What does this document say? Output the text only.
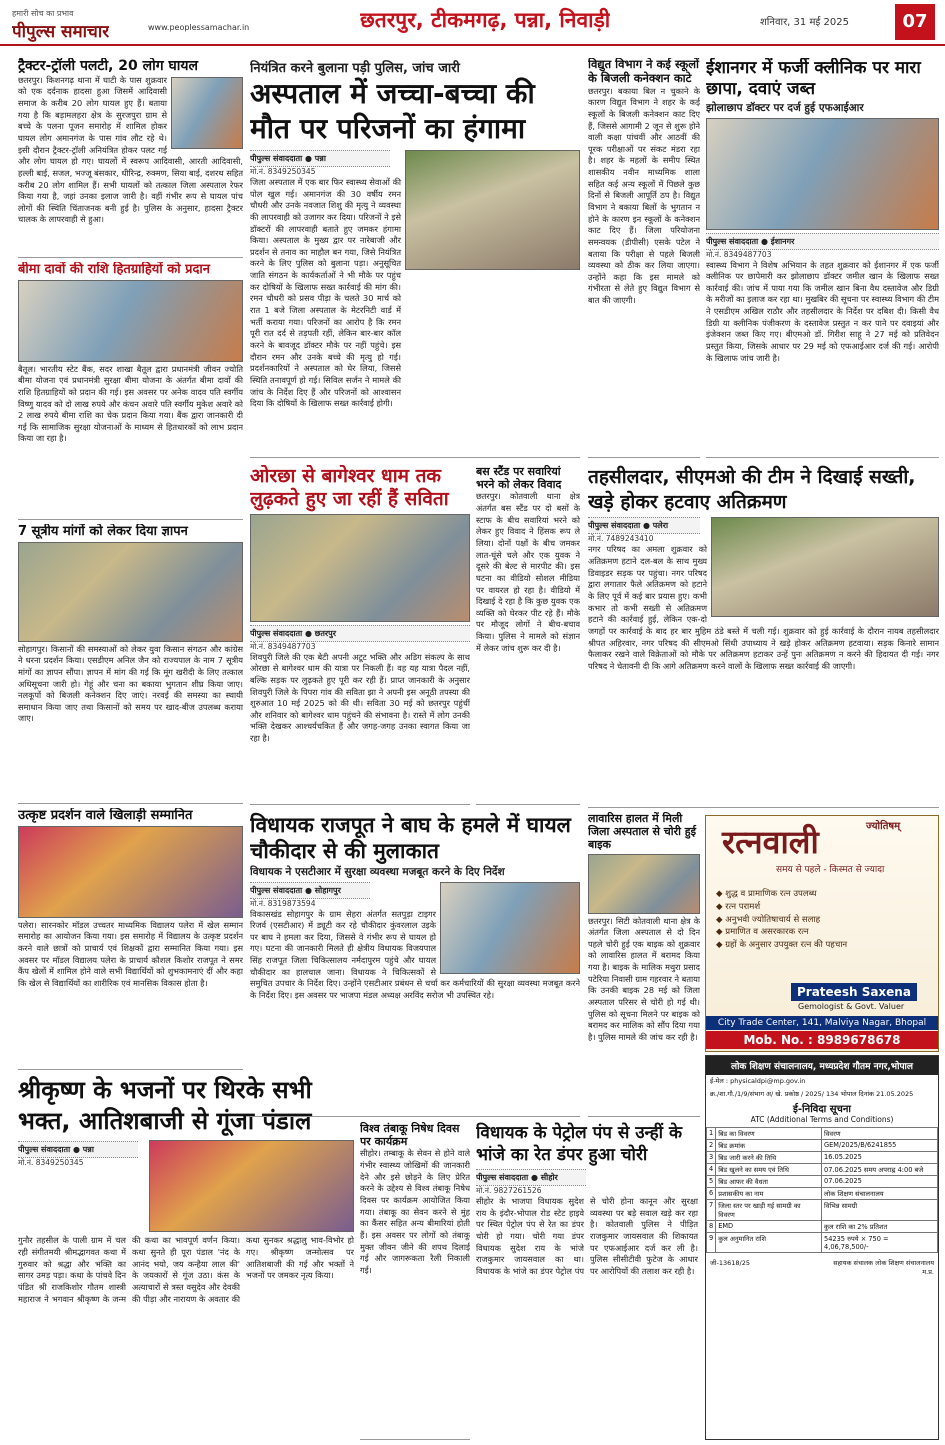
हमारी सोच का प्रभाव
पीपुल्स समाचार	www.peoplessamachar.in	छतरपुर, टीकमगढ़, पन्ना, निवाड़ी	शनिवार, 31 मई 2025	07
ट्रैक्टर-ट्रॉली पलटी, 20 लोग घायल
छतरपुर। किशनगढ़ थाना में घाटी के पास शुक्रवार को एक दर्दनाक हादसा हुआ जिसमें आदिवासी समाज के करीब 20 लोग घायल हुए हैं। बताया गया है कि बड़ामलहरा क्षेत्र के सुरजपुरा ग्राम से बच्चे के पलना पूजन समारोह में शामिल होकर घायल लोग अमानगंज के पास गांव लौट रहे थे। इसी दौरान ट्रैक्टर-ट्रॉली अनियंत्रित होकर पलट गई और लोग घायल हो गए। घायलों में स्वरूप आदिवासी, आरती आदिवासी, हल्ली बाई, सजल, भज्जू बंसकार, धीरिन्द्र, रुक्मण, सिया बाई, दशरथ सहित करीब 20 लोग शामिल हैं। सभी घायलों को तत्काल जिला अस्पताल रेफर किया गया है, जहां उनका इलाज जारी है। वहीं गंभीर रूप से घायल पांच लोगों की स्थिति चिंताजनक बनी हुई है। पुलिस के अनुसार, हादसा ट्रैक्टर चालक के लापरवाही से हुआ।
बीमा दावों की राशि हितग्राहियों को प्रदान
बैतूल। भारतीय स्टेट बैंक, सदर शाखा बैतूल द्वारा प्रधानमंत्री जीवन ज्योति बीमा योजना एवं प्रधानमंत्री सुरक्षा बीमा योजना के अंतर्गत बीमा दावों की राशि हितग्राहियों को प्रदान की गई। इस अवसर पर अनेक वादव पति स्वर्गीय विष्णु यादव को दो लाख रुपये और कंचन अवारे पति स्वर्गीय मुकेश अवारे को 2 लाख रुपये बीमा राशि का चेक प्रदान किया गया। बैंक द्वारा जानकारी दी गई कि सामाजिक सुरक्षा योजनाओं के माध्यम से हितधारकों को लाभ प्रदान किया जा रहा है।
7 सूत्रीय मांगों को लेकर दिया ज्ञापन
सोहागपुर। किसानों की समस्याओं को लेकर युवा किसान संगठन और कांग्रेस ने धरना प्रदर्शन किया। एसडीएम अनिल जैन को राज्यपाल के नाम 7 सूत्रीय मांगों का ज्ञापन सौंपा। ज्ञापन में मांग की गई कि मूंग खरीदी के लिए तत्काल अधिसूचना जारी हो। गेहूं और चना का बकाया भुगतान शीघ्र किया जाए। नलकूपों को बिजली कनेक्शन दिए जाएं। नरवई की समस्या का स्थायी समाधान किया जाए तथा किसानों को समय पर खाद-बीज उपलब्ध कराया जाए।
उत्कृष्ट प्रदर्शन वाले खिलाड़ी सम्मानित
पलेरा। सारनकोर मॉडल उच्चतर माध्यमिक विद्यालय पलेरा में खेल सम्मान समारोह का आयोजन किया गया। इस समारोह में विद्यालय के उत्कृष्ट प्रदर्शन करने वाले छात्रों को प्राचार्य एवं शिक्षकों द्वारा सम्मानित किया गया। इस अवसर पर मॉडल विद्यालय पलेरा के प्राचार्य कौशल किशोर राजपूत ने समर कैंप खेलों में शामिल होने वाले सभी विद्यार्थियों को शुभकामनाएं दीं और कहा कि खेल से विद्यार्थियों का शारीरिक एवं मानसिक विकास होता है।
श्रीकृष्ण के भजनों पर थिरके सभी भक्त, आतिशबाजी से गूंजा पंडाल
पीपुल्स संवाददाता ● पन्ना
मो.नं. 8349250345
गुनौर तहसील के पाली ग्राम में चल रही संगीतमयी श्रीमद्भागवत कथा में गुरुवार को श्रद्धा और भक्ति का सागर उमड़ पड़ा। कथा के पांचवे दिन पंडित श्री राजकिशोर गौतम शास्त्री महाराज ने भगवान श्रीकृष्ण के जन्म की कथा का भावपूर्ण वर्णन किया। कथा सुनते ही पूरा पंडाल 'नंद के आनंद भयो, जय कन्हैया लाल की' के जयकारों से गूंज उठा। कंस के अत्याचारों से त्रस्त वसुदेव और देवकी की पीड़ा और नारायण के अवतार की कथा सुनकर श्रद्धालु भाव-विभोर हो गए। श्रीकृष्ण जन्मोत्सव पर आतिशबाजी की गई और भक्तों ने भजनों पर जमकर नृत्य किया।
नियंत्रित करने बुलाना पड़ी पुलिस, जांच जारी
अस्पताल में जच्चा-बच्चा की मौत पर परिजनों का हंगामा
पीपुल्स संवाददाता ● पन्ना
मो.नं. 8349250345
जिला अस्पताल में एक बार फिर स्वास्थ्य सेवाओं की पोल खुल गई। अमानगंज की 30 वर्षीय रमन चौधरी और उनके नवजात शिशु की मृत्यु ने व्यवस्था की लापरवाही को उजागर कर दिया। परिजनों ने इसे डॉक्टरों की लापरवाही बताते हुए जमकर हंगामा किया। अस्पताल के मुख्य द्वार पर नारेबाजी और प्रदर्शन से तनाव का माहौल बन गया, जिसे नियंत्रित करने के लिए पुलिस को बुलाना पड़ा। अनुसूचित जाति संगठन के कार्यकर्ताओं ने भी मौके पर पहुंच कर दोषियों के खिलाफ सख्त कार्रवाई की मांग की। रमन चौधरी को प्रसव पीड़ा के चलते 30 मार्च को रात 1 बजे जिला अस्पताल के मेटरनिटी वार्ड में भर्ती कराया गया। परिजनों का आरोप है कि रमन पूरी रात दर्द से तड़पती रहीं, लेकिन बार-बार कॉल करने के बावजूद डॉक्टर मौके पर नहीं पहुंचे। इस दौरान रमन और उनके बच्चे की मृत्यु हो गई। प्रदर्शनकारियों ने अस्पताल को घेर लिया, जिससे स्थिति तनावपूर्ण हो गई। सिविल सर्जन ने मामले की जांच के निर्देश दिए हैं और परिजनों को आश्वासन दिया कि दोषियों के खिलाफ सख्त कार्रवाई होगी।
ओरछा से बागेश्वर धाम तक लुढ़कते हुए जा रहीं हैं सविता
पीपुल्स संवाददाता ● छतरपुर
मो.नं. 8349487703
शिवपुरी जिले की एक बेटी अपनी अटूट भक्ति और अडिग संकल्प के साथ ओरछा से बागेश्वर धाम की यात्रा पर निकली हैं। वह यह यात्रा पैदल नहीं, बल्कि सड़क पर लुढ़कते हुए पूरी कर रही हैं। प्राप्त जानकारी के अनुसार शिवपुरी जिले के पिपरा गांव की सविता झा ने अपनी इस अनूठी तपस्या की शुरुआत 10 मई 2025 को की थी। सविता 30 मई को छतरपुर पहुंचीं और शनिवार को बागेश्वर धाम पहुंचने की संभावना है। रास्ते में लोग उनकी भक्ति देखकर आश्चर्यचकित हैं और जगह-जगह उनका स्वागत किया जा रहा है।
बस स्टैंड पर सवारियां भरने को लेकर विवाद
छतरपुर। कोतवाली थाना क्षेत्र अंतर्गत बस स्टैंड पर दो बसों के स्टाफ के बीच सवारियां भरने को लेकर हुए विवाद ने हिंसक रूप ले लिया। दोनों पक्षों के बीच जमकर लात-घूंसे चले और एक युवक ने दूसरे की बेल्ट से मारपीट की। इस घटना का वीडियो सोशल मीडिया पर वायरल हो रहा है। वीडियो में दिखाई दे रहा है कि कुछ युवक एक व्यक्ति को घेरकर पीट रहे हैं। मौके पर मौजूद लोगों ने बीच-बचाव किया। पुलिस ने मामले को संज्ञान में लेकर जांच शुरू कर दी है।
विधायक राजपूत ने बाघ के हमले में घायल चौकीदार से की मुलाकात
विधायक ने एसटीआर में सुरक्षा व्यवस्था मजबूत करने के दिए निर्देश
पीपुल्स संवाददाता ● सोहागपुर
मो.नं. 8319873594
विकासखंड सोहागपुर के ग्राम सेहरा अंतर्गत सतपुड़ा टाइगर रिजर्व (एसटीआर) में ड्यूटी कर रहे चौकीदार कुंवरलाल उइके पर बाघ ने हमला कर दिया, जिससे वे गंभीर रूप से घायल हो गए। घटना की जानकारी मिलते ही क्षेत्रीय विधायक विजयपाल सिंह राजपूत जिला चिकित्सालय नर्मदापुरम पहुंचे और घायल चौकीदार का हालचाल जाना। विधायक ने चिकित्सकों से समुचित उपचार के निर्देश दिए। उन्होंने एसटीआर प्रबंधन से चर्चा कर कर्मचारियों की सुरक्षा व्यवस्था मजबूत करने के निर्देश दिए। इस अवसर पर भाजपा मंडल अध्यक्ष अरविंद सरोज भी उपस्थित रहे।
विश्व तंबाकू निषेध दिवस पर कार्यक्रम
सीहोर। तम्बाकू के सेवन से होने वाले गंभीर स्वास्थ्य जोखिमों की जानकारी देने और इसे छोड़ने के लिए प्रेरित करने के उद्देश्य से विश्व तंबाकू निषेध दिवस पर कार्यक्रम आयोजित किया गया। तंबाकू का सेवन करने से मुंह का कैंसर सहित अन्य बीमारियां होती हैं। इस अवसर पर लोगों को तंबाकू मुक्त जीवन जीने की शपथ दिलाई गई और जागरूकता रैली निकाली गई।
विधायक के पेट्रोल पंप से उन्हीं के भांजे का रेत डंपर हुआ चोरी
पीपुल्स संवाददाता ● सीहोर
मो.नं. 9827261526
सीहोर के भाजपा विधायक सुदेश राय के इंदौर-भोपाल रोड स्टेट हाइवे पर स्थित पेट्रोल पंप से रेत का डंपर चोरी हो गया। चोरी गया डंपर विधायक सुदेश राय के भांजे राजकुमार जायसवाल का था। विधायक के भांजे का डंपर पेट्रोल पंप से चोरी होना कानून और सुरक्षा व्यवस्था पर बड़े सवाल खड़े कर रहा है। कोतवाली पुलिस ने पीड़ित राजकुमार जायसवाल की शिकायत पर एफआईआर दर्ज कर ली है। पुलिस सीसीटीवी फुटेज के आधार पर आरोपियों की तलाश कर रही है।
विद्युत विभाग ने कई स्कूलों के बिजली कनेक्शन काटे
छतरपुर। बकाया बिल न चुकाने के कारण विद्युत विभाग ने शहर के कई स्कूलों के बिजली कनेक्शन काट दिए हैं, जिससे आगामी 2 जून से शुरू होने वाली कक्षा पांचवीं और आठवीं की पूरक परीक्षाओं पर संकट मंडरा रहा है। शहर के महलों के समीप स्थित शासकीय नवीन माध्यमिक शाला सहित कई अन्य स्कूलों में पिछले कुछ दिनों से बिजली आपूर्ति ठप है। विद्युत विभाग ने बकाया बिलों के भुगतान न होने के कारण इन स्कूलों के कनेक्शन काट दिए हैं। जिला परियोजना समन्वयक (डीपीसी) एसके पटेल ने बताया कि परीक्षा से पहले बिजली व्यवस्था को ठीक कर लिया जाएगा। उन्होंने कहा कि इस मामले को गंभीरता से लेते हुए विद्युत विभाग से बात की जाएगी।
ईशानगर में फर्जी क्लीनिक पर मारा छापा, दवाएं जब्त
झोलाछाप डॉक्टर पर दर्ज हुई एफआईआर
पीपुल्स संवाददाता ● ईशानगर
मो.नं. 8349487703
स्वास्थ्य विभाग ने विशेष अभियान के तहत शुक्रवार को ईशानगर में एक फर्जी क्लीनिक पर छापेमारी कर झोलाछाप डॉक्टर जमील खान के खिलाफ सख्त कार्रवाई की। जांच में पाया गया कि जमील खान बिना वैध दस्तावेज और डिग्री के मरीजों का इलाज कर रहा था। मुखबिर की सूचना पर स्वास्थ्य विभाग की टीम ने एसडीएम अखिल राठौर और तहसीलदार के निर्देश पर दबिश दी। किसी वैध डिग्री या क्लीनिक पंजीकरण के दस्तावेज प्रस्तुत न कर पाने पर दवाइयां और इंजेक्शन जब्त किए गए। बीएमओ डॉ. गिरीश साहू ने 27 मई को प्रतिवेदन प्रस्तुत किया, जिसके आधार पर 29 मई को एफआईआर दर्ज की गई। आरोपी के खिलाफ जांच जारी है।
तहसीलदार, सीएमओ की टीम ने दिखाई सख्ती, खड़े होकर हटवाए अतिक्रमण
पीपुल्स संवाददाता ● पलेरा
मो.नं. 7489243410
नगर परिषद का अमला शुक्रवार को अतिक्रमण हटाने दल-बल के साथ मुख्य डिवाइडर सड़क पर पहुंचा। नगर परिषद द्वारा लगातार फैले अतिक्रमण को हटाने के लिए पूर्व में कई बार प्रयास हुए। कभी कभार तो कभी सख्ती से अतिक्रमण हटाने की कार्रवाई हुई, लेकिन एक-दो जगहों पर कार्रवाई के बाद हर बार मुहिम ठंडे बस्ते में चली गई। शुक्रवार को हुई कार्रवाई के दौरान नायब तहसीलदार श्रीपत अहिरवार, नगर परिषद की सीएमओ सिंधी उपाध्याय ने खड़े होकर अतिक्रमण हटवाया। सड़क किनारे सामान फैलाकर रखने वाले विक्रेताओं को मौके पर अतिक्रमण हटाकर उन्हें पुनः अतिक्रमण न करने की हिदायत दी गई। नगर परिषद ने चेतावनी दी कि आगे अतिक्रमण करने वालों के खिलाफ सख्त कार्रवाई की जाएगी।
लावारिस हालत में मिली जिला अस्पताल से चोरी हुई बाइक
छतरपुर। सिटी कोतवाली थाना क्षेत्र के अंतर्गत जिला अस्पताल से दो दिन पहले चोरी हुई एक बाइक को शुक्रवार को लावारिस हालत में बरामद किया गया है। बाइक के मालिक मथुरा प्रसाद पटेरिया निवासी ग्राम गहरवार ने बताया कि उनकी बाइक 28 मई को जिला अस्पताल परिसर से चोरी हो गई थी। पुलिस को सूचना मिलने पर बाइक को बरामद कर मालिक को सौंप दिया गया है। पुलिस मामले की जांच कर रही है।
ज्योतिषम्
रत्नवाली
समय से पहले - किस्मत से ज्यादा
◆ शुद्ध व प्रामाणिक रत्न उपलब्ध
◆ रत्न परामर्श
◆ अनुभवी ज्योतिषाचार्य से सलाह
◆ प्रमाणित व असरकारक रत्न
◆ ग्रहों के अनुसार उपयुक्त रत्न की पहचान
Prateesh Saxena
Gemologist & Govt. Valuer
City Trade Center, 141, Malviya Nagar, Bhopal
Mob. No. : 8989678678
लोक शिक्षण संचालनालय, मध्यप्रदेश गौतम नगर,भोपाल
ई-मेल : physicaldpi@mp.gov.in
क्र./शा.गौ./1/9/संभाग अ/ खे. प्रकोष्ठ / 2025/ 134 भोपाल दिनांक 21.05.2025
ई-निविदा सूचना
ATC (Additional Terms and Conditions)
1	बिड का विवरण	विवरण
2	बिड क्रमांक	GEM/2025/B/6241855
3	बिड जारी करने की तिथि	16.05.2025
4	बिड खुलने का समय एवं तिथि	07.06.2025 समय अपराह्न 4:00 बजे
5	बिड आफर की वैधता	07.06.2025
6	प्रशासकीय का नाम	लोक शिक्षण संचालनालय
7	जिला स्तर पर खाड़ी गई सामग्री का विवरण	विभिन्न सामग्री
8	EMD	कुल राशि का 2% प्रतिशत
9	कुल अनुमानित राशि	54235 रुपये × 750 = 4,06,78,500/-
जी-13618/25	सहायक संचालक लोक शिक्षण संचालनालय म.प्र.
